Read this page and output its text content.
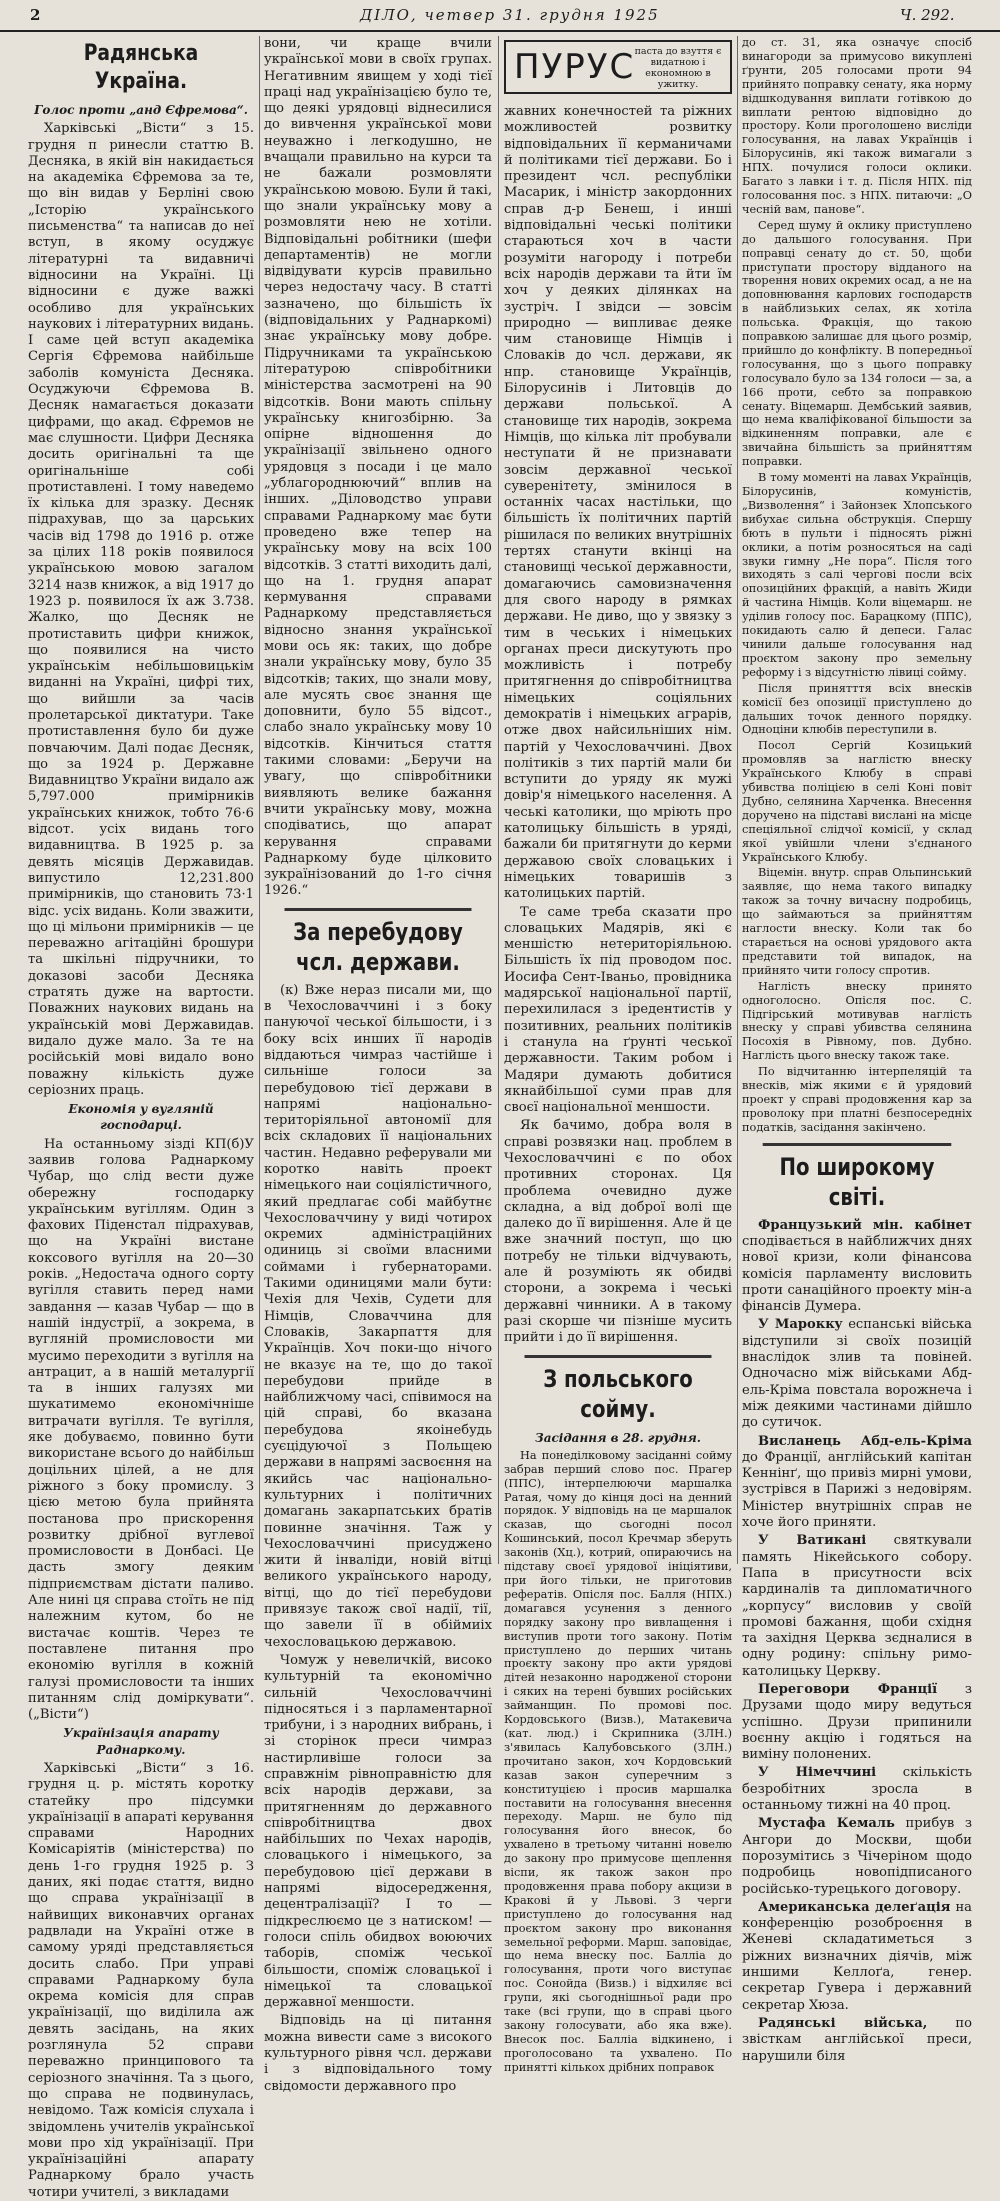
2	ДІЛО, четвер 31. грудня 1925	Ч. 292.
Радянська Україна.
Голос проти „анд Єфремова“.

Харківські „Вісти“ з 15. грудня п ринесли статтю В. Десняка, в якій він накидається на академіка Єфремова за те, що він видав у Берліні свою „Історію українського письменства“ та написав до неї вступ, в якому осуджує літературні та видавничі відносини на Україні. Ці відносини є дуже важкі особливо для українських наукових і літературних видань. І саме цей вступ академіка Сергія Єфремова найбільше заболів комуніста Десняка. Осуджуючи Єфремова В. Десняк намагається доказати цифрами, що акад. Єфремов не має слушности. Цифри Десняка досить оригінальні та ще оригінальніше собі протиставлені. І тому наведемо їх кілька для зразку. Десняк підрахував, що за царських часів від 1798 до 1916 р. отже за цілих 118 років появилося українською мовою загалом 3214 назв книжок, а від 1917 до 1923 р. появилося їх аж 3.738. Жалко, що Десняк не протиставить цифри книжок, що появилися на чисто українськім небільшовицькім виданні на Україні, цифрі тих, що вийшли за часів пролетарської диктатури. Таке протиставлення було би дуже повчаючим. Далі подає Десняк, що за 1924 р. Державне Видавництво України видало аж 5,797.000 примірників українських книжок, тобто 76·6 відсот. усіх видань того видавництва. В 1925 р. за девять місяців Державидав. випустило 12,231.800 примірників, що становить 73·1 відс. усіх видань. Коли зважити, що ці мільони примірників — це переважно агітаційні брошури та шкільні підручники, то доказові засоби Десняка стратять дуже на вартости. Поважних наукових видань на українській мові Державидав. видало дуже мало. За те на російській мові видало воно поважну кількість дуже серіозних праць.

Економія у вугляній господарці.

На останньому зізді КП(б)У заявив голова Раднаркому Чубар, що слід вести дуже обережну господарку українським вугіллям. Один з фахових Піденстал підрахував, що на Україні вистане коксового вугілля на 20—30 років. „Недостача одного сорту вугілля ставить перед нами завдання — казав Чубар — що в нашій індустрії, а зокрема, в вугляній промисловости ми мусимо переходити з вугілля на антрацит, а в нашій металургії та в інших галузях ми шукатимемо економічніше витрачати вугілля. Те вугілля, яке добуваємо, повинно бути використане всього до найбільш доцільних цілей, а не для ріжного з боку промислу. З цією метою була прийнята постанова про прискорення розвитку дрібної вуглевої промисловости в Донбасі. Це дасть змогу деяким підприємствам дістати паливо. Але нині ця справа стоїть не під належним кутом, бо не вистачає коштів. Через те поставлене питання про економію вугілля в кожній галузі промисловости та інших питанням слід доміркувати“. („Вісти“)

Українізація апарату Раднаркому.

Харківські „Вісти“ з 16. грудня ц. р. містять коротку статейку про підсумки українізації в апараті керування справами Народних Комісаріятів (міністерства) по день 1-го грудня 1925 р. З даних, які подає стаття, видно що справа українізації в найвищих виконавчих органах радвлади на Україні отже в самому уряді представляється досить слабо. При управі справами Раднаркому була окрема комісія для справ українізації, що виділила аж девять засідань, на яких розглянула 52 справи переважно принципового та серіозного значіння. Та з цього, що справа не подвинулась, невідомо. Тaж комісія слухала і звідомлень учителів української мови про хід українізації. При українізаційні апарату Раднаркому брало участь чотири учителі, з викладами

вони, чи краще вчили української мови в своїх групах. Негативним явищем у ході тієї праці над українізацією було те, що деякі урядовці віднесилися до вивчення української мови неуважно і легкодушно, не вчащали правильно на курси та не бажали розмовляти українською мовою. Були й такі, що знали українську мову а розмовляти нею не хотіли. Відповідальні робітники (шефи департаментів) не могли відвідувати курсів правильно через недостачу часу. В статті зазначено, що більшість їх (відповідальних у Раднаркомі) знає українську мову добре. Підручниками та українською літературою співробітники міністерства засмотрені на 90 відсотків. Вони мають спільну українську книгозбірню. За опірне відношення до українізації звільнено одного урядовця з посади і це мало „ублагороднюючий“ вплив на інших. „Діловодство управи справами Раднаркому має бути проведено вже тепер на українську мову на всіх 100 відсотків. З статті виходить далі, що на 1. грудня апарат кермування справами Раднаркому представляється відносно знання української мови ось як: таких, що добре знали українську мову, було 35 відсотків; таких, що знали мову, але мусять своє знання ще доповнити, було 55 відсот., слабо знало українську мову 10 відсотків. Кінчиться стаття такими словами: „Беручи на увагу, що співробітники виявляють велике бажання вчити українську мову, можна сподіватись, що апарат керування справами Раднаркому буде цілковито зукраїнізований до 1-го січня 1926.“

За перебудову чсл. держави.

(к) Вже нераз писали ми, що в Чехословаччині і з боку пануючої чеської більшости, і з боку всіх инших її народів віддаються чимраз частійше і сильніше голоси за перебудовою тієї держави в напрямі національно-територіяльної автономії для всіх складових її національних частин. Недавно реферували ми коротко навіть проект німецького наи соціялістичного, який предлагає собі майбутнє Чехословаччину у виді чотирох окремих адміністраційних одиниць зі своїми власними соймами і губернаторами. Такими одиницями мали бути: Чехія для Чехів, Судети для Німців, Словаччина для Словаків, Закарпаття для Українців. Хоч поки-що нічого не вказує на те, що до такої перебудови прийде в найближчому часі, співимося на цій справі, бо вказана перебудова якоінебудь суєцідуючої з Польщею держави в напрямі засвоєння на якийсь час національно-культурних і політичних домагань закарпатських братів повинне значіння. Таж у Чехословаччині присуджено жити й інваліди, новій вітці великого українського народу, вітці, що до тієї перебудови привязує також свої надії, тії, що завели її в обіймиіх чехословацькою державою.

Чомуж у невеличкій, високо культурній та економічно сильній Чехословаччині підносяться і з парламентарної трибуни, і з народних вибрань, і зі сторінок преси чимраз настирливіше голоси за справжнім рівноправністю для всіх народів держави, за притягненням до державного співробітництва двох найбільших по Чехах народів, словацького і німецького, за перебудовою цієї держави в напрямі відосередження, децентралізації? І то — підкреслюємо це з натиском! — голоси спіль обидвох воюючих таборів, споміж чеської більшости, споміж словацької і німецької та словацької державної меншости.

Відповідь на ці питання можна вивести саме з високого культурного рівня чсл. держави і з відповідального тому свідомости державного про

ПУРУС паста до взуття є видатною і економною в ужитку.

жавних конечностей та ріжних можливостей розвитку відповідальних її керманичами й політиками тієї держави. Бо і президент чсл. республіки Масарик, і міністр закордонних справ д-р Бенеш, і инші відповідальні чеські політики стараються хоч в части розуміти нагороду і потреби всіх народів держави та йти їм хоч у деяких ділянках на зустріч. І звідси — зовсім природно — випливає деяке чим становище Німців і Словаків до чсл. держави, як нпр. становище Українців, Білорусинів і Литовців до держави польської. А становище тих народів, зокрема Німців, що кілька літ пробували неступати й не признавати зовсім державної чеської суверенітету, змінилося в останніх часах настільки, що більшість їх політичних партій рішилася по великих внутрішніх тертях станути вкінці на становищі чеської державности, домагаючись самовизначення для свого народу в рямках держави. Не диво, що у звязку з тим в чеських і німецьких органах преси дискутують про можливість і потребу притягнення до співробітництва німецьких соціяльних демократів і німецьких аграрів, отже двох найсильніших нім. партій у Чехословаччині. Двох політиків з тих партій мали би вступити до уряду як мужі довір'я німецького населення. А чеські католики, що мріють про католицьку більшість в уряді, бажали би притягнути до керми державою своїх словацьких і німецьких товаришів з католицьких партій.

Те саме треба сказати про словацьких Мадярів, які є меншістю нетериторіяльною. Більшість їх під проводом пос. Иосифа Сент-Іваньо, провідника мадярської національної партії, перехилилася з іредентистів у позитивних, реальних політиків і станула на ґрунті чеської державности. Таким робом і Мадяри думають добитися якнайбільшої суми прав для своєї національної меншости.

Як бачимо, добра воля в справі розвязки нац. проблем в Чехословаччині є по обох противних сторонах. Ця проблема очевидно дуже складна, а від доброї волі ще далеко до її вирішення. Але й це вже значний поступ, що цю потребу не тільки відчувають, але й розуміють як обидві сторони, а зокрема і чеські державні чинники. А в такому разі скорше чи пізніше мусить прийти і до її вирішення.

З польського сойму.
Засідання в 28. грудня.

На понеділковому засіданні сойму забрав перший слово пос. Прагер (ППС), інтерпелюючи маршалка Ратая, чому до кінця досі на денний порядок. У відповідь на це маршалок сказав, що сьогодні посол Кошинський, посол Кречмар зберуть законів (Хц.), котрий, опираючись на підставу своєї урядової ініціятиви, при його тільки, не приготовив рефератів. Опісля пос. Балля (НПХ.) домагався усунення з денного порядку закону про вивлащення і виступив проти того закону. Потім приступлено до перших читань проєкту закону про акти урядові дітей незаконно народженої сторони і сяких на терені бувших російських займанщин. По промові пос. Кордовського (Визв.), Матакевича (кат. люд.) і Скрипника (ЗЛН.) з'явилась Калубовського (ЗЛН.) прочитано закон, хоч Кордовський казав закон суперечним з конституцією і просив маршалка поставити на голосування внесення переходу. Марш. не було під голосування його внесок, бо ухвалено в третьому читанні новелю до закону про примусове щеплення віспи, як також закон про продовження права побору акцизи в Кракові й у Львові. З черги приступлено до голосування над проєктом закону про виконання земельної реформи. Марш. заповідає, що нема внеску пос. Балліа до голосування, проти чого виступає пос. Сонойда (Визв.) і відхиляє всі групи, які сьогоднішньої ради про таке (всі групи, що в справі цього закону голосувати, або яка вже). Внесок пос. Балліа відкинено, і проголосовано та ухвалено. По принятті кількох дрібних поправок

до ст. 31, яка означує спосіб винагороди за примусово викуплені ґрунти, 205 голосами проти 94 прийнято поправку сенату, яка норму відшкодування виплати готівкою до виплати рентою відповідно до простору. Коли проголошено висліди голосування, на лавах Українців і Білорусинів, які також вимагали з НПХ. почулися голоси оклики. Багато з лавки і т. д. Після НПХ. під голосовання пос. з НПХ. питаючи: „О чесній вам, панове“.

Серед шуму й оклику приступлено до дальшого голосування. При поправці сенату до ст. 50, щоби приступати простору відданого на творення нових окремих осад, а не на доповнювання карлових господарств в найблизьких селах, як хотіла польська. Фракція, що такою поправкою залишає для цього розмір, прийшло до конфлікту. В попередньої голосування, що з цього поправку голосувало було за 134 голоси — за, а 166 проти, себто за поправкою сенату. Віцемарш. Дембський заявив, що нема кваліфікованої більшости за відкиненням поправки, але є звичайна більшість за прийняттям поправки.

В тому моменті на лавах Українців, Білорусинів, комуністів, „Визволення“ і Зайонзек Хлопського вибухає сильна обструкція. Спершу бють в пульти і підносять ріжні оклики, а потім розносяться на саді звуки гимну „Не пора“. Після того виходять з салі чергові посли всіх опозиційних фракцій, а навіть Жиди й частина Німців. Коли віцемарш. не уділив голосу пос. Барацкому (ППС), покидають салю й депеси. Галас чинили дальше голосування над проєктом закону про земельну реформу і з відсутністю лівиці сойму.

Після принятття всіх внесків комісії без опозиції приступлено до дальших точок денного порядку. Одноціни клюбів переступили в.

Посол Сергій Козицький промовляв за наглістю внеску Українського Клюбу в справі убивства поліцією в селі Коні повіт Дубно, селянина Харченка. Внесення доручено на підставі вислані на місце спеціяльної слідчої комісії, у склад якої увійшли члени з'єднаного Українського Клюбу.

Віцемін. внутр. справ Ольпинський заявляє, що нема такого випадку також за точну вичасну подробиць, що займаються за прийняттям наглости внеску. Коли так бо старається на основі урядового акта представити той випадок, на прийнято чити голосу спротив.

Наглість внеску принято одноголосно. Опісля пос. С. Підгірський мотивував наглість внеску у справі убивства селянина Посохія в Рівному, пов. Дубно. Наглість цього внеску також таке.

По відчитанню інтерпеляцій та внесків, між якими є й урядовий проект у справі продовження кар за проволоку при платні безпосередніх податків, засідання закінчено.

По широкому світі.

Французький мін. кабінет сподівається в найближчих днях нової кризи, коли фінансова комісія парламенту висловить проти санаційного проекту мін-а фінансів Думера.

У Мароккy еспанські війська відступили зі своїх позицій внаслідок злив та повіней. Одночасно між військами Абд-ель-Кріма повстала ворожнеча і між деякими частинами дійшло до сутичок.

Висланець Абд-ель-Кріма до Франції, англійський капітан Кеннінґ, що привіз мирні умови, зустрівся в Парижі з недовірям. Міністер внутрішніх справ не хоче його приняти.

У Ватикані святкували память Нікейського собору. Папа в присутности всіх кардиналів та дипломатичного „корпусу“ висловив у своїй промові бажання, щоби східня та західня Церква зєдналися в одну родину: спільну римо-католицьку Церкву.

Переговори Франції з Друзами щодо миру ведуться успішно. Друзи припинили воєнну акцію і годяться на виміну полонених.

У Німеччині скількість безробітних зросла в останньому тижні на 40 проц.

Мустафа Кемаль прибув з Ангори до Москви, щоби порозумітись з Чічеріном щодо подробиць новопідписаного російсько-турецького договору.

Американська делеґація на конференцію розоброєння в Женеві складатиметься з ріжних визначних діячів, між иншими Келлоґа, генер. секретар Гувера і державний секретар Хюза.

Радянські війська, по звісткам англійської преси, нарушили біля
